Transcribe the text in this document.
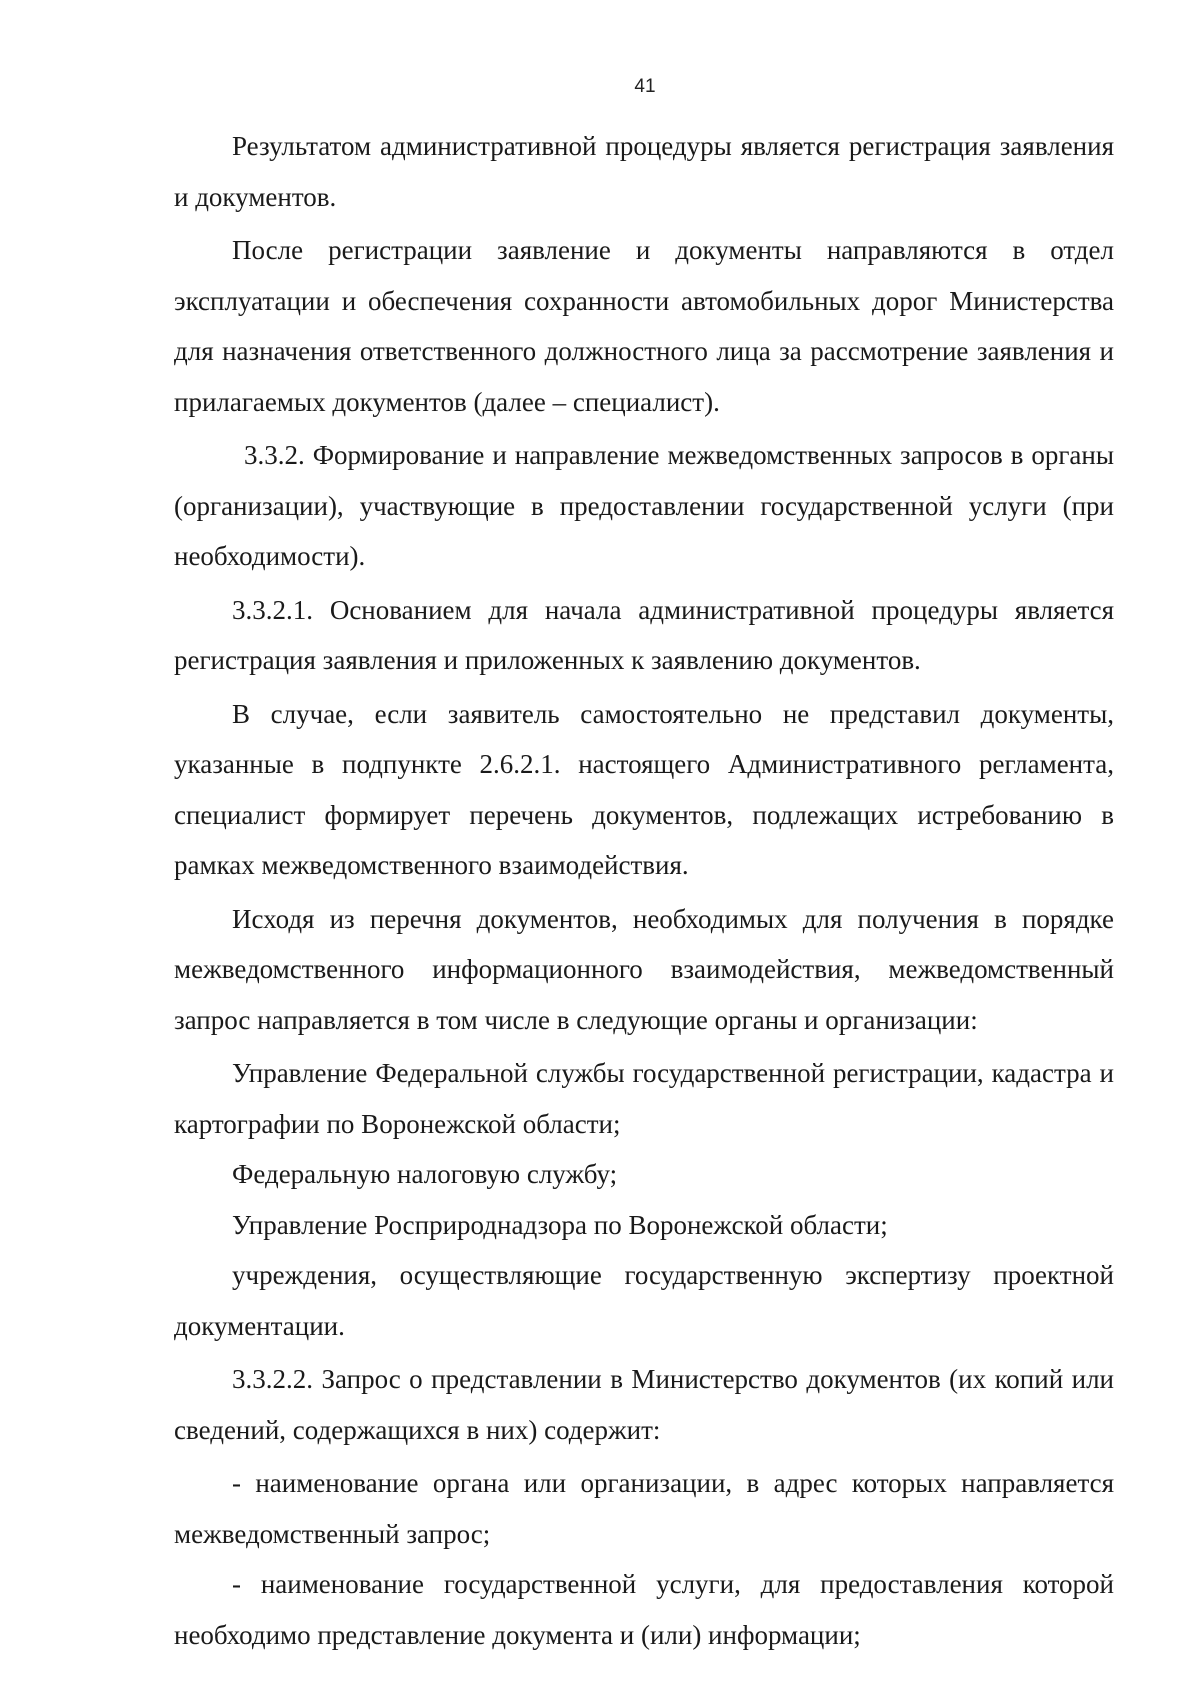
41

Результатом административной процедуры является регистрация заявления и документов.

После регистрации заявление и документы направляются в отдел эксплуатации и обеспечения сохранности автомобильных дорог Министерства для назначения ответственного должностного лица за рассмотрение заявления и прилагаемых документов (далее – специалист).

3.3.2. Формирование и направление межведомственных запросов в органы (организации), участвующие в предоставлении государственной услуги (при необходимости).

3.3.2.1. Основанием для начала административной процедуры является регистрация заявления и приложенных к заявлению документов.

В случае, если заявитель самостоятельно не представил документы, указанные в подпункте 2.6.2.1. настоящего Административного регламента, специалист формирует перечень документов, подлежащих истребованию в рамках межведомственного взаимодействия.

Исходя из перечня документов, необходимых для получения в порядке межведомственного информационного взаимодействия, межведомственный запрос направляется в том числе в следующие органы и организации:

Управление Федеральной службы государственной регистрации, кадастра и картографии по Воронежской области;

Федеральную налоговую службу;

Управление Росприроднадзора по Воронежской области;

учреждения, осуществляющие государственную экспертизу проектной документации.

3.3.2.2. Запрос о представлении в Министерство документов (их копий или сведений, содержащихся в них) содержит:

- наименование органа или организации, в адрес которых направляется межведомственный запрос;

- наименование государственной услуги, для предоставления которой необходимо представление документа и (или) информации;
